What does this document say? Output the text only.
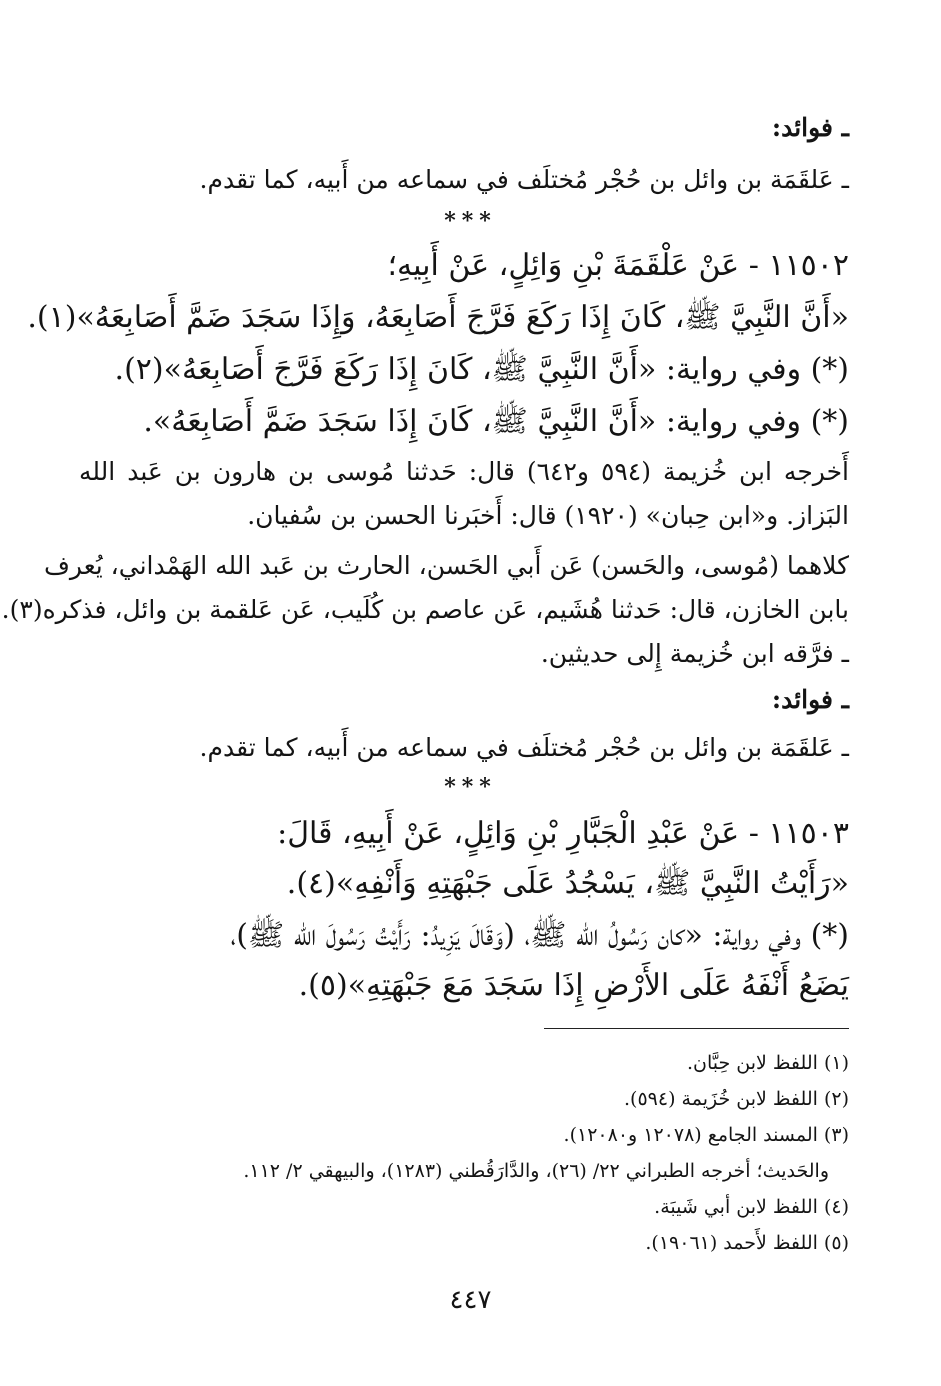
ـ فوائد:
ـ عَلقَمَة بن وائل بن حُجْر مُختلَف في سماعه من أَبيه، كما تقدم.
***
١١٥٠٢ - عَنْ عَلْقَمَةَ بْنِ وَائِلٍ، عَنْ أَبِيهِ؛
«أَنَّ النَّبِيَّ ﷺ، كَانَ إِذَا رَكَعَ فَرَّجَ أَصَابِعَهُ، وَإِذَا سَجَدَ ضَمَّ أَصَابِعَهُ»(١).
(*) وفي رواية: «أَنَّ النَّبِيَّ ﷺ، كَانَ إِذَا رَكَعَ فَرَّجَ أَصَابِعَهُ»(٢).
(*) وفي رواية: «أَنَّ النَّبِيَّ ﷺ، كَانَ إِذَا سَجَدَ ضَمَّ أَصَابِعَهُ».
أَخرجه ابن خُزيمة (٥٩٤ و٦٤٢) قال: حَدثنا مُوسى بن هارون بن عَبد الله
البَزاز. و«ابن حِبان» (١٩٢٠) قال: أَخبَرنا الحسن بن سُفيان.
كلاهما (مُوسى، والحَسن) عَن أَبي الحَسن، الحارث بن عَبد الله الهَمْداني، يُعرف
بابن الخازن، قال: حَدثنا هُشَيم، عَن عاصم بن كُلَيب، عَن عَلقمة بن وائل، فذكره(٣).
ـ فرَّقه ابن خُزيمة إِلى حديثين.
ـ فوائد:
ـ عَلقَمَة بن وائل بن حُجْر مُختلَف في سماعه من أَبيه، كما تقدم.
***
١١٥٠٣ - عَنْ عَبْدِ الْجَبَّارِ بْنِ وَائِلٍ، عَنْ أَبِيهِ، قَالَ:
«رَأَيْتُ النَّبِيَّ ﷺ، يَسْجُدُ عَلَى جَبْهَتِهِ وَأَنْفِهِ»(٤).
(*) وفي رواية: «كان رَسُولُ الله ﷺ، (وَقَالَ يَزِيدُ: رَأَيْتُ رَسُولَ الله ﷺ)،
يَضَعُ أَنْفَهُ عَلَى الأَرْضِ إِذَا سَجَدَ مَعَ جَبْهَتِهِ»(٥).
(١) اللفظ لابن حِبَّان.
(٢) اللفظ لابن خُزَيمة (٥٩٤).
(٣) المسند الجامع (١٢٠٧٨ و١٢٠٨٠).
والحَديث؛ أخرجه الطبراني ٢٢/ (٢٦)، والدَّارَقُطني (١٢٨٣)، والبيهقي ٢/ ١١٢.
(٤) اللفظ لابن أبي شَيبَة.
(٥) اللفظ لأَحمد (١٩٠٦١).
٤٤٧
